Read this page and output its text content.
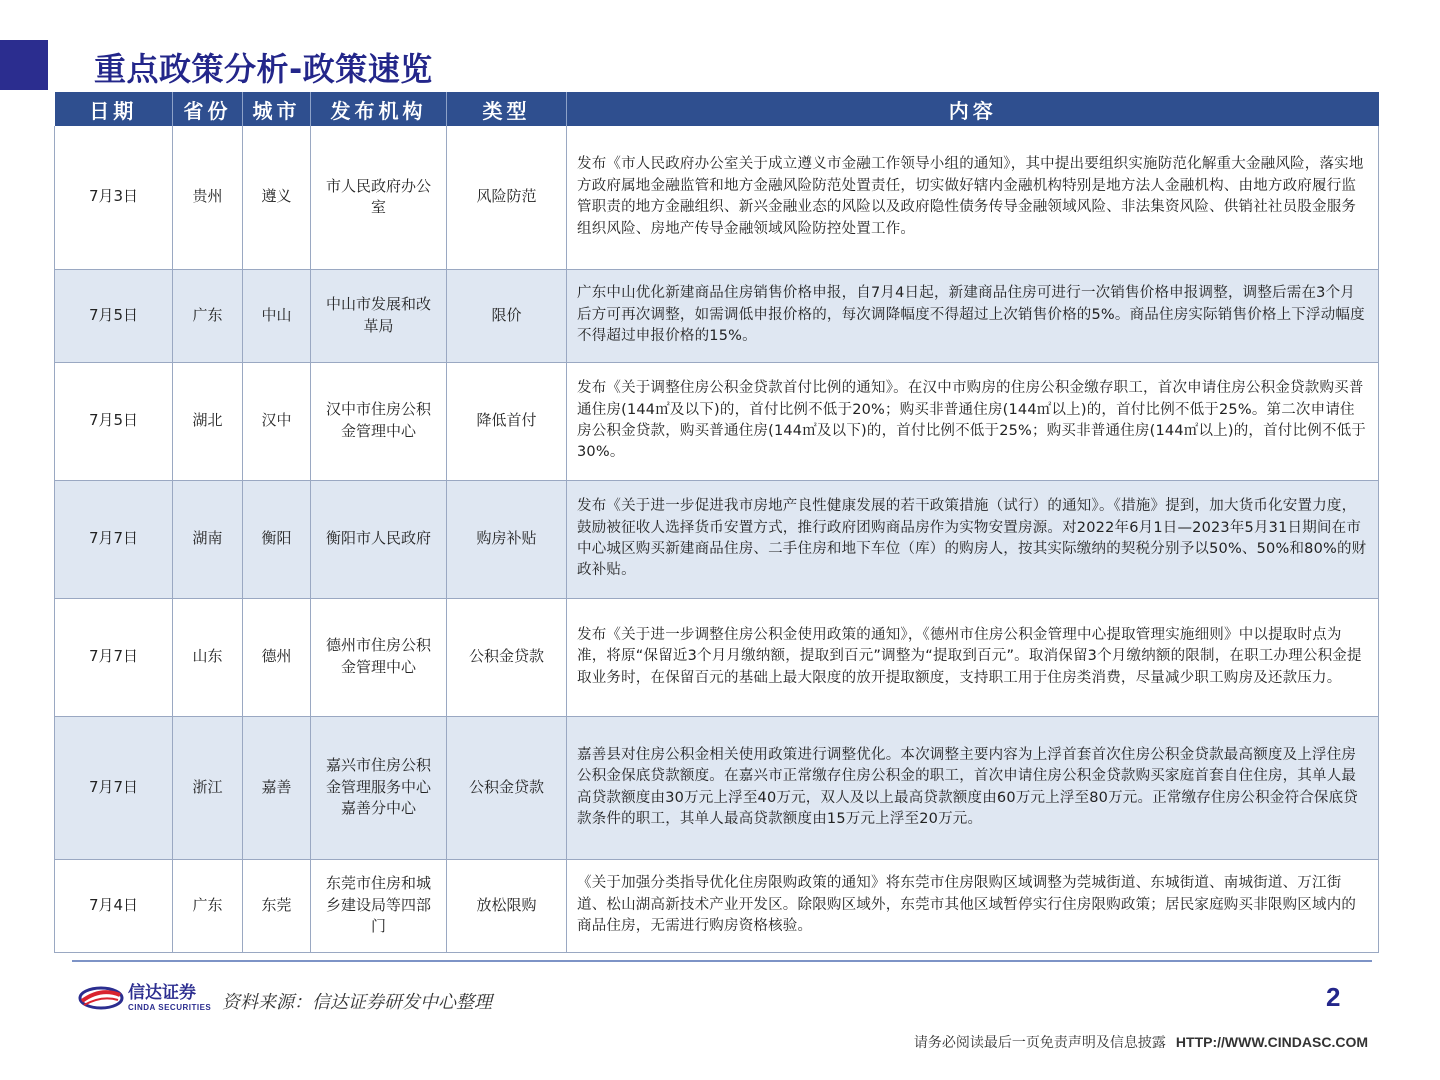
重点政策分析-政策速览
日期	省份	城市	发布机构	类型	内容
7月3日	贵州	遵义	市人民政府办公室	风险防范	发布《市人民政府办公室关于成立遵义市金融工作领导小组的通知》，其中提出要组织实施防范化解重大金融风险，落实地方政府属地金融监管和地方金融风险防范处置责任，切实做好辖内金融机构特别是地方法人金融机构、由地方政府履行监管职责的地方金融组织、新兴金融业态的风险以及政府隐性债务传导金融领域风险、非法集资风险、供销社社员股金服务组织风险、房地产传导金融领域风险防控处置工作。
7月5日	广东	中山	中山市发展和改革局	限价	广东中山优化新建商品住房销售价格申报，自7月4日起，新建商品住房可进行一次销售价格申报调整，调整后需在3个月后方可再次调整，如需调低申报价格的，每次调降幅度不得超过上次销售价格的5%。商品住房实际销售价格上下浮动幅度不得超过申报价格的15%。
7月5日	湖北	汉中	汉中市住房公积金管理中心	降低首付	发布《关于调整住房公积金贷款首付比例的通知》。在汉中市购房的住房公积金缴存职工，首次申请住房公积金贷款购买普通住房(144㎡及以下)的，首付比例不低于20%；购买非普通住房(144㎡以上)的，首付比例不低于25%。第二次申请住房公积金贷款，购买普通住房(144㎡及以下)的，首付比例不低于25%；购买非普通住房(144㎡以上)的，首付比例不低于30%。
7月7日	湖南	衡阳	衡阳市人民政府	购房补贴	发布《关于进一步促进我市房地产良性健康发展的若干政策措施（试行）的通知》。《措施》提到，加大货币化安置力度，鼓励被征收人选择货币安置方式，推行政府团购商品房作为实物安置房源。对2022年6月1日—2023年5月31日期间在市中心城区购买新建商品住房、二手住房和地下车位（库）的购房人，按其实际缴纳的契税分别予以50%、50%和80%的财政补贴。
7月7日	山东	德州	德州市住房公积金管理中心	公积金贷款	发布《关于进一步调整住房公积金使用政策的通知》，《德州市住房公积金管理中心提取管理实施细则》中以提取时点为准，将原“保留近3个月月缴纳额，提取到百元”调整为“提取到百元”。取消保留3个月缴纳额的限制，在职工办理公积金提取业务时，在保留百元的基础上最大限度的放开提取额度，支持职工用于住房类消费，尽量减少职工购房及还款压力。
7月7日	浙江	嘉善	嘉兴市住房公积金管理服务中心嘉善分中心	公积金贷款	嘉善县对住房公积金相关使用政策进行调整优化。本次调整主要内容为上浮首套首次住房公积金贷款最高额度及上浮住房公积金保底贷款额度。在嘉兴市正常缴存住房公积金的职工，首次申请住房公积金贷款购买家庭首套自住住房，其单人最高贷款额度由30万元上浮至40万元，双人及以上最高贷款额度由60万元上浮至80万元。正常缴存住房公积金符合保底贷款条件的职工，其单人最高贷款额度由15万元上浮至20万元。
7月4日	广东	东莞	东莞市住房和城乡建设局等四部门	放松限购	《关于加强分类指导优化住房限购政策的通知》将东莞市住房限购区域调整为莞城街道、东城街道、南城街道、万江街道、松山湖高新技术产业开发区。除限购区域外，东莞市其他区域暂停实行住房限购政策；居民家庭购买非限购区域内的商品住房，无需进行购房资格核验。
信达证券
CINDA SECURITIES 资料来源：信达证券研发中心整理	2
请务必阅读最后一页免责声明及信息披露 HTTP://WWW.CINDASC.COM
